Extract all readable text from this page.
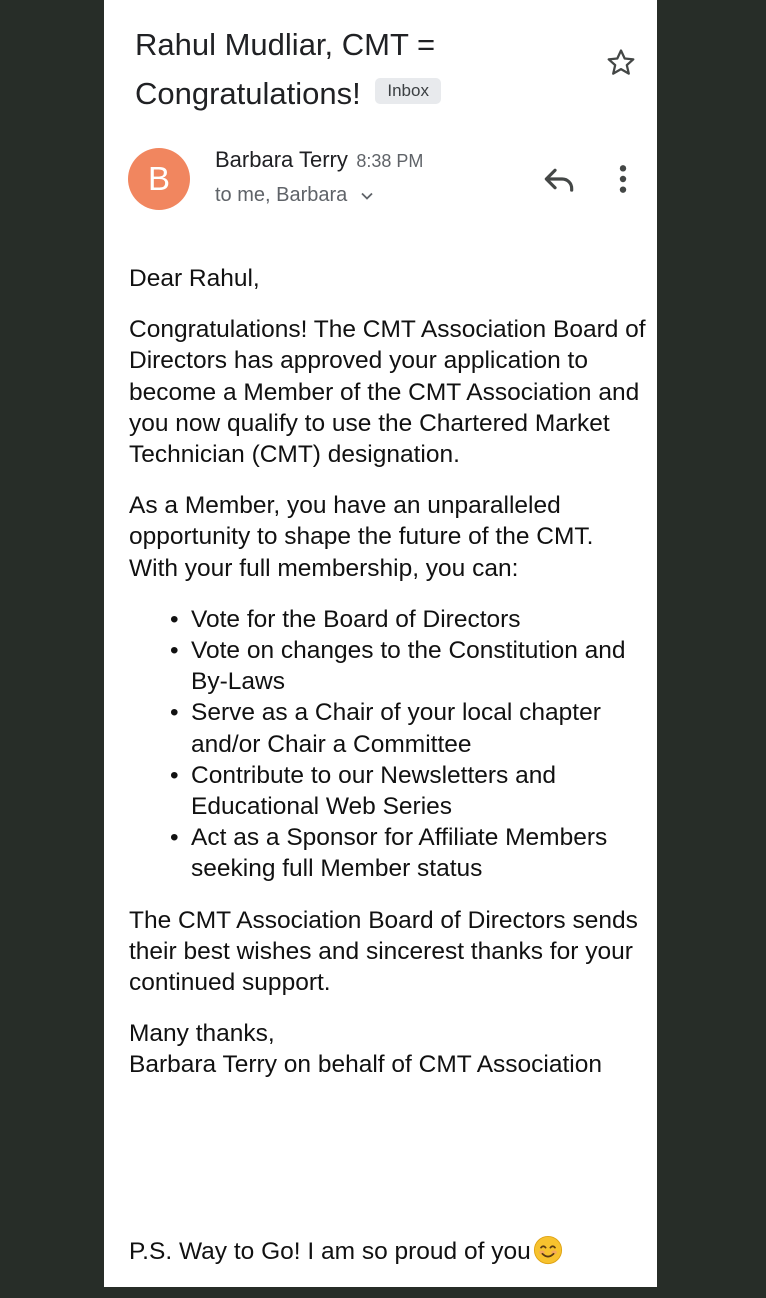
Rahul Mudliar, CMT =
Congratulations! Inbox
B
Barbara Terry 8:38 PM
to me, Barbara

Dear Rahul,

Congratulations! The CMT Association Board of Directors has approved your application to become a Member of the CMT Association and you now qualify to use the Chartered Market Technician (CMT) designation.

As a Member, you have an unparalleled opportunity to shape the future of the CMT. With your full membership, you can:

• Vote for the Board of Directors
• Vote on changes to the Constitution and By-Laws
• Serve as a Chair of your local chapter and/or Chair a Committee
• Contribute to our Newsletters and Educational Web Series
• Act as a Sponsor for Affiliate Members seeking full Member status

The CMT Association Board of Directors sends their best wishes and sincerest thanks for your continued support.

Many thanks,
Barbara Terry on behalf of CMT Association
P.S. Way to Go! I am so proud of you
